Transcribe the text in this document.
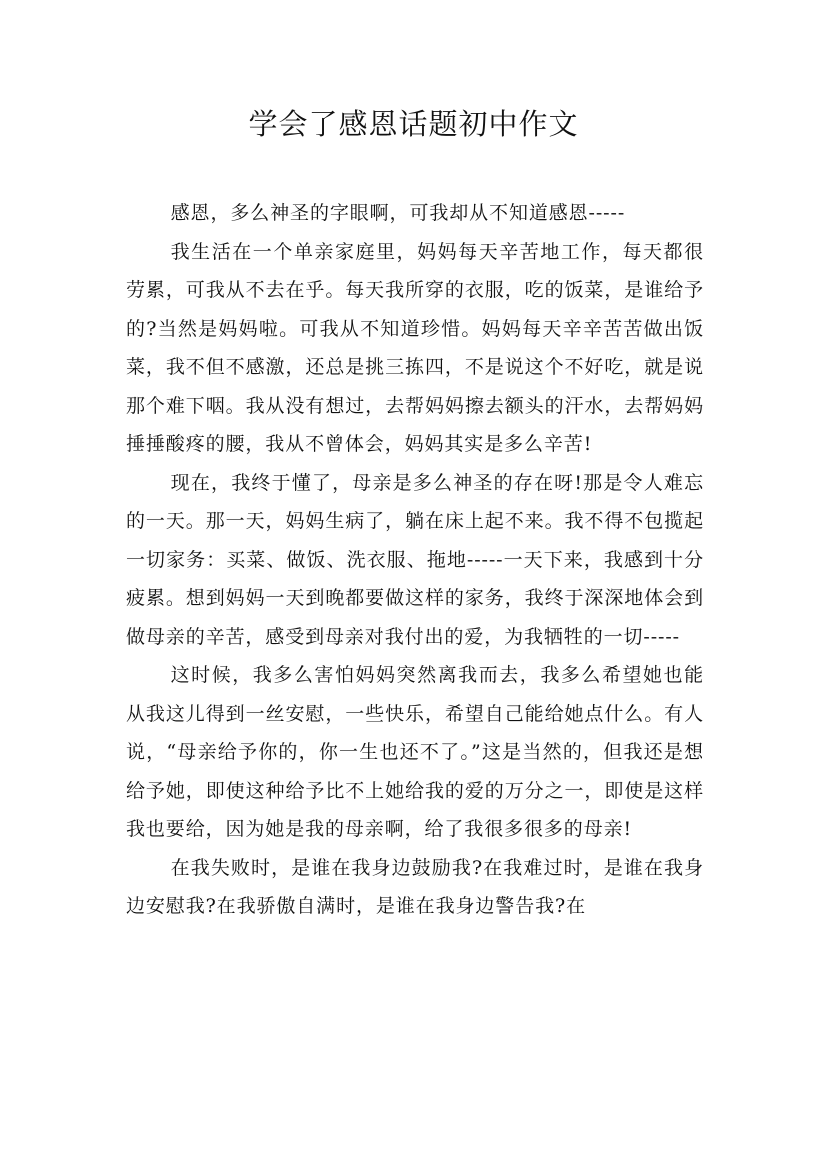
学会了感恩话题初中作文

感恩，多么神圣的字眼啊，可我却从不知道感恩-----

我生活在一个单亲家庭里，妈妈每天辛苦地工作，每天都很劳累，可我从不去在乎。每天我所穿的衣服，吃的饭菜，是谁给予的?当然是妈妈啦。可我从不知道珍惜。妈妈每天辛辛苦苦做出饭菜，我不但不感激，还总是挑三拣四，不是说这个不好吃，就是说那个难下咽。我从没有想过，去帮妈妈擦去额头的汗水，去帮妈妈捶捶酸疼的腰，我从不曾体会，妈妈其实是多么辛苦!

现在，我终于懂了，母亲是多么神圣的存在呀!那是令人难忘的一天。那一天，妈妈生病了，躺在床上起不来。我不得不包揽起一切家务：买菜、做饭、洗衣服、拖地-----一天下来，我感到十分疲累。想到妈妈一天到晚都要做这样的家务，我终于深深地体会到做母亲的辛苦，感受到母亲对我付出的爱，为我牺牲的一切-----

这时候，我多么害怕妈妈突然离我而去，我多么希望她也能从我这儿得到一丝安慰，一些快乐，希望自己能给她点什么。有人说，“母亲给予你的，你一生也还不了。”这是当然的，但我还是想给予她，即使这种给予比不上她给我的爱的万分之一，即使是这样我也要给，因为她是我的母亲啊，给了我很多很多的母亲!

在我失败时，是谁在我身边鼓励我?在我难过时，是谁在我身边安慰我?在我骄傲自满时，是谁在我身边警告我?在
